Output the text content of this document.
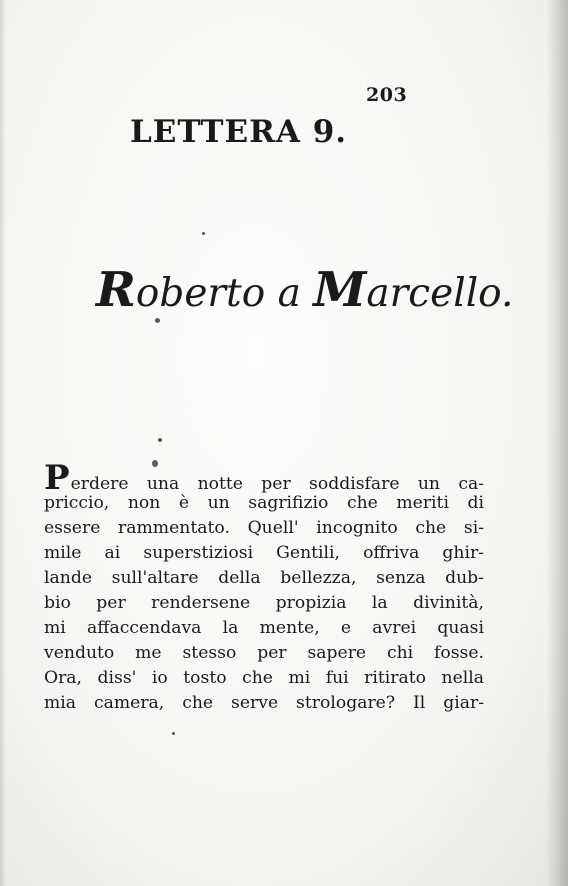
203
LETTERA 9.
Roberto a Marcello.
Perdere una notte per soddisfare un ca-
priccio, non è un sagrifizio che meriti di
essere rammentato. Quell' incognito che si-
mile ai superstiziosi Gentili, offriva ghir-
lande sull'altare della bellezza, senza dub-
bio per rendersene propizia la divinità,
mi affaccendava la mente, e avrei quasi
venduto me stesso per sapere chi fosse.
Ora, diss' io tosto che mi fui ritirato nella
mia camera, che serve strologare? Il giar-
